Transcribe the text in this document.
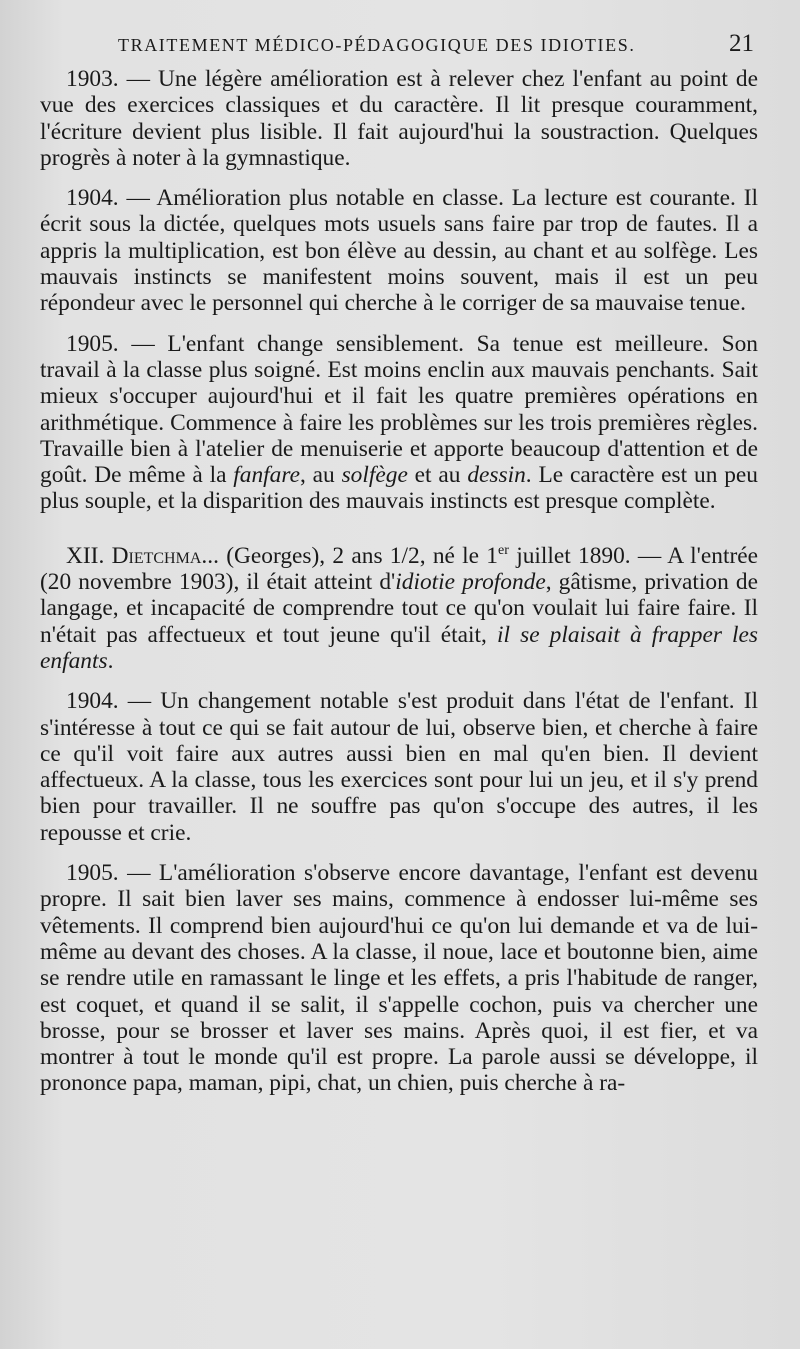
TRAITEMENT MÉDICO-PÉDAGOGIQUE DES IDIOTIES.	21

1903. — Une légère amélioration est à relever chez l'enfant au point de vue des exercices classiques et du caractère. Il lit presque couramment, l'écriture devient plus lisible. Il fait aujourd'hui la soustraction. Quelques progrès à noter à la gymnastique.

1904. — Amélioration plus notable en classe. La lecture est courante. Il écrit sous la dictée, quelques mots usuels sans faire par trop de fautes. Il a appris la multiplication, est bon élève au dessin, au chant et au solfège. Les mauvais instincts se manifestent moins souvent, mais il est un peu répondeur avec le personnel qui cherche à le corriger de sa mauvaise tenue.

1905. — L'enfant change sensiblement. Sa tenue est meilleure. Son travail à la classe plus soigné. Est moins enclin aux mauvais penchants. Sait mieux s'occuper aujourd'hui et il fait les quatre premières opérations en arithmétique. Commence à faire les problèmes sur les trois premières règles. Travaille bien à l'atelier de menuiserie et apporte beaucoup d'attention et de goût. De même à la fanfare, au solfège et au dessin. Le caractère est un peu plus souple, et la disparition des mauvais instincts est presque complète.

XII. Dietchma... (Georges), 2 ans 1/2, né le 1er juillet 1890. — A l'entrée (20 novembre 1903), il était atteint d'idiotie profonde, gâtisme, privation de langage, et incapacité de comprendre tout ce qu'on voulait lui faire faire. Il n'était pas affectueux et tout jeune qu'il était, il se plaisait à frapper les enfants.

1904. — Un changement notable s'est produit dans l'état de l'enfant. Il s'intéresse à tout ce qui se fait autour de lui, observe bien, et cherche à faire ce qu'il voit faire aux autres aussi bien en mal qu'en bien. Il devient affectueux. A la classe, tous les exercices sont pour lui un jeu, et il s'y prend bien pour travailler. Il ne souffre pas qu'on s'occupe des autres, il les repousse et crie.

1905. — L'amélioration s'observe encore davantage, l'enfant est devenu propre. Il sait bien laver ses mains, commence à endosser lui-même ses vêtements. Il comprend bien aujourd'hui ce qu'on lui demande et va de lui-même au devant des choses. A la classe, il noue, lace et boutonne bien, aime se rendre utile en ramassant le linge et les effets, a pris l'habitude de ranger, est coquet, et quand il se salit, il s'appelle cochon, puis va chercher une brosse, pour se brosser et laver ses mains. Après quoi, il est fier, et va montrer à tout le monde qu'il est propre. La parole aussi se développe, il prononce papa, maman, pipi, chat, un chien, puis cherche à ra-
